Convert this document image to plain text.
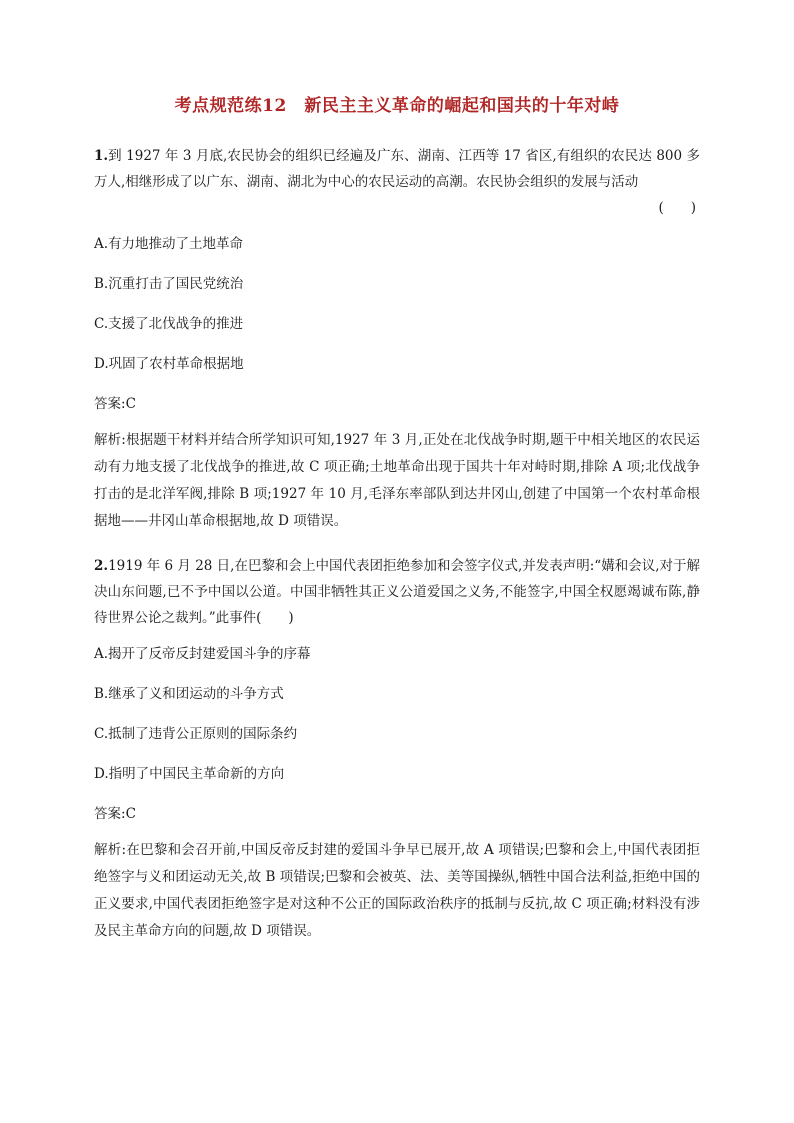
考点规范练12　新民主主义革命的崛起和国共的十年对峙

1.到 1927 年 3 月底,农民协会的组织已经遍及广东、湖南、江西等 17 省区,有组织的农民达 800 多万人,相继形成了以广东、湖南、湖北为中心的农民运动的高潮。农民协会组织的发展与活动

(　　)

A.有力地推动了土地革命

B.沉重打击了国民党统治

C.支援了北伐战争的推进

D.巩固了农村革命根据地

答案:C

解析:根据题干材料并结合所学知识可知,1927 年 3 月,正处在北伐战争时期,题干中相关地区的农民运动有力地支援了北伐战争的推进,故 C 项正确;土地革命出现于国共十年对峙时期,排除 A 项;北伐战争打击的是北洋军阀,排除 B 项;1927 年 10 月,毛泽东率部队到达井冈山,创建了中国第一个农村革命根据地——井冈山革命根据地,故 D 项错误。

2.1919 年 6 月 28 日,在巴黎和会上中国代表团拒绝参加和会签字仪式,并发表声明:“媾和会议,对于解决山东问题,已不予中国以公道。中国非牺牲其正义公道爱国之义务,不能签字,中国全权愿竭诚布陈,静待世界公论之裁判。”此事件(　　)

A.揭开了反帝反封建爱国斗争的序幕

B.继承了义和团运动的斗争方式

C.抵制了违背公正原则的国际条约

D.指明了中国民主革命新的方向

答案:C

解析:在巴黎和会召开前,中国反帝反封建的爱国斗争早已展开,故 A 项错误;巴黎和会上,中国代表团拒绝签字与义和团运动无关,故 B 项错误;巴黎和会被英、法、美等国操纵,牺牲中国合法利益,拒绝中国的正义要求,中国代表团拒绝签字是对这种不公正的国际政治秩序的抵制与反抗,故 C 项正确;材料没有涉及民主革命方向的问题,故 D 项错误。
